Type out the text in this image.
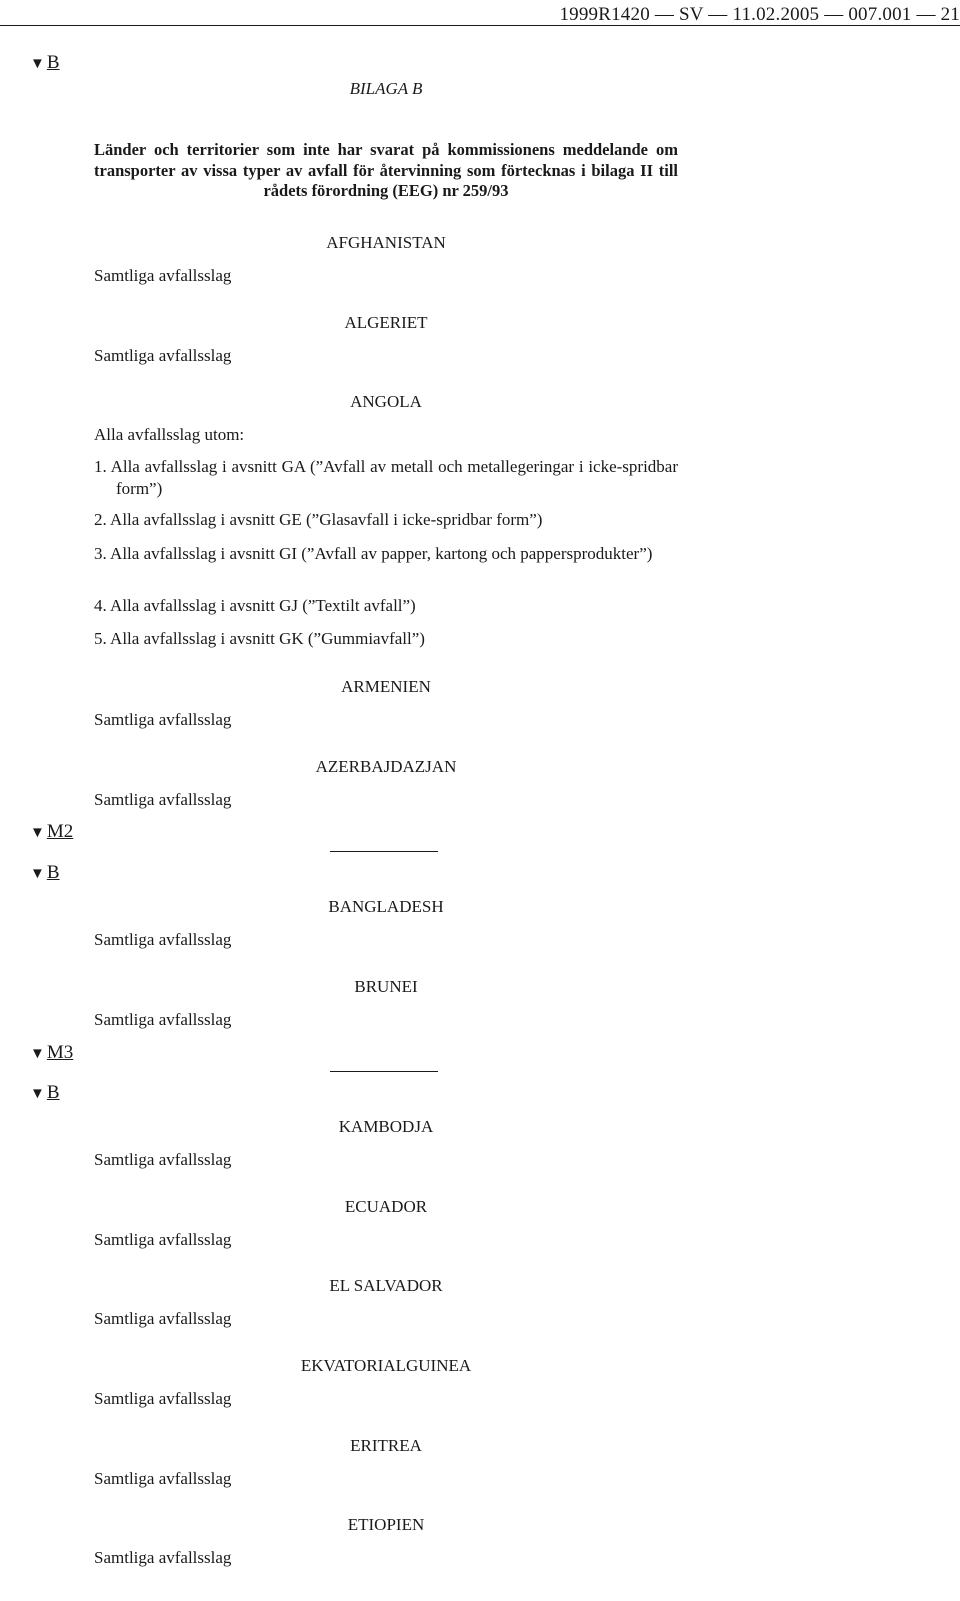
1999R1420 — SV — 11.02.2005 — 007.001 — 21
▼ B
BILAGA B
Länder och territorier som inte har svarat på kommissionens meddelande om transporter av vissa typer av avfall för återvinning som förtecknas i bilaga II till rådets förordning (EEG) nr 259/93
AFGHANISTAN
Samtliga avfallsslag
ALGERIET
Samtliga avfallsslag
ANGOLA
Alla avfallsslag utom:
1. Alla avfallsslag i avsnitt GA (”Avfall av metall och metallegeringar i icke-spridbar form”)
2. Alla avfallsslag i avsnitt GE (”Glasavfall i icke-spridbar form”)
3. Alla avfallsslag i avsnitt GI (”Avfall av papper, kartong och pappersprodukter”)
4. Alla avfallsslag i avsnitt GJ (”Textilt avfall”)
5. Alla avfallsslag i avsnitt GK (”Gummiavfall”)
ARMENIEN
Samtliga avfallsslag
AZERBAJDAZJAN
Samtliga avfallsslag
▼ M2
▼ B
BANGLADESH
Samtliga avfallsslag
BRUNEI
Samtliga avfallsslag
▼ M3
▼ B
KAMBODJA
Samtliga avfallsslag
ECUADOR
Samtliga avfallsslag
EL SALVADOR
Samtliga avfallsslag
EKVATORIALGUINEA
Samtliga avfallsslag
ERITREA
Samtliga avfallsslag
ETIOPIEN
Samtliga avfallsslag
